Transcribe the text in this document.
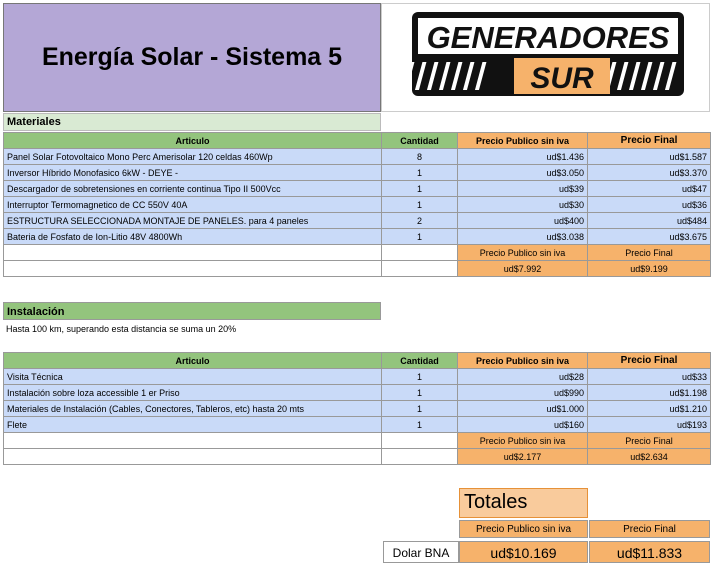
Energía Solar - Sistema 5
GENERADORES
SUR
Materiales
Articulo	Cantidad	Precio Publico sin iva	Precio Final
Panel Solar Fotovoltaico Mono Perc Amerisolar 120 celdas 460Wp	8	ud$1.436	ud$1.587
Inversor Híbrido Monofasico 6kW - DEYE -	1	ud$3.050	ud$3.370
Descargador de sobretensiones en corriente continua Tipo II 500Vcc	1	ud$39	ud$47
Interruptor Termomagnetico de CC 550V 40A	1	ud$30	ud$36
ESTRUCTURA SELECCIONADA MONTAJE DE PANELES. para 4 paneles	2	ud$400	ud$484
Bateria de Fosfato de Ion-Litio 48V 4800Wh	1	ud$3.038	ud$3.675
		Precio Publico sin iva	Precio Final
		ud$7.992	ud$9.199
Instalación
Hasta 100 km, superando esta distancia se suma un 20%
Articulo	Cantidad	Precio Publico sin iva	Precio Final
Visita Técnica	1	ud$28	ud$33
Instalación sobre loza accessible 1 er Priso	1	ud$990	ud$1.198
Materiales de Instalación (Cables, Conectores, Tableros, etc) hasta 20 mts	1	ud$1.000	ud$1.210
Flete	1	ud$160	ud$193
		Precio Publico sin iva	Precio Final
		ud$2.177	ud$2.634
Totales
Precio Publico sin iva	Precio Final
Dolar BNA	ud$10.169	ud$11.833
